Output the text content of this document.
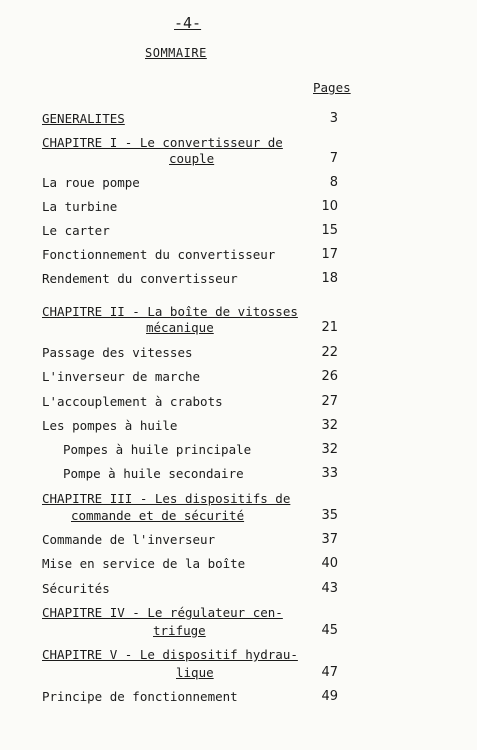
-4-
SOMMAIRE
Pages
GENERALITES	3
CHAPITRE I - Le convertisseur de
couple	7
La roue pompe	8
La turbine	10
Le carter	15
Fonctionnement du convertisseur	17
Rendement du convertisseur	18
CHAPITRE II - La boîte de vitosses
mécanique	21
Passage des vitesses	22
L'inverseur de marche	26
L'accouplement à crabots	27
Les pompes à huile	32
Pompes à huile principale	32
Pompe à huile secondaire	33
CHAPITRE III - Les dispositifs de
commande et de sécurité	35
Commande de l'inverseur	37
Mise en service de la boîte	40
Sécurités	43
CHAPITRE IV - Le régulateur cen-
trifuge	45
CHAPITRE V - Le dispositif hydrau-
lique	47
Principe de fonctionnement	49
